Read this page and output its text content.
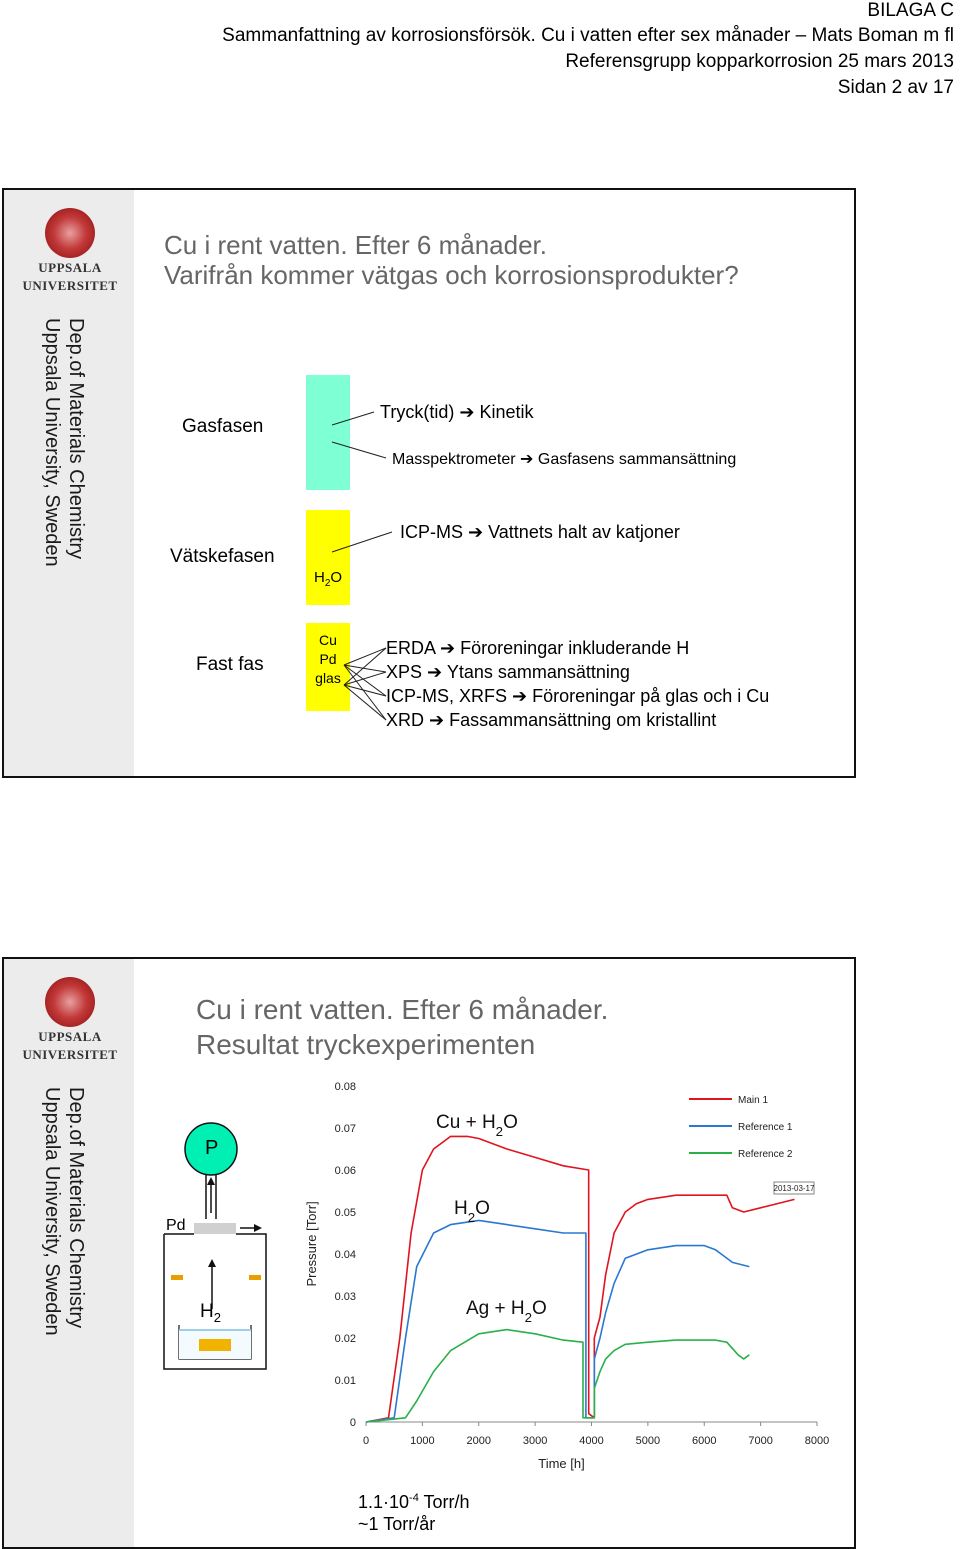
BILAGA C
Sammanfattning av korrosionsförsök. Cu i vatten efter sex månader – Mats Boman m fl
Referensgrupp kopparkorrosion 25 mars 2013
Sidan 2 av 17
UPPSALA
UNIVERSITET
Dep.of Materials Chemistry
Uppsala University, Sweden
Cu i rent vatten. Efter 6 månader.
Varifrån kommer vätgas och korrosionsprodukter?
Gasfasen
Vätskefasen
Fast fas
$H_2O$
Cu
Pd
glas
Tryck(tid) ➔ Kinetik
Masspektrometer ➔ Gasfasens sammansättning
ICP-MS ➔ Vattnets halt av katjoner
ERDA ➔ Föroreningar inkluderande H
XPS ➔ Ytans sammansättning
ICP-MS, XRFS ➔ Föroreningar på glas och i Cu
XRD ➔ Fassammansättning om kristallint
UPPSALA
UNIVERSITET
Dep.of Materials Chemistry
Uppsala University, Sweden
Cu i rent vatten. Efter 6 månader.
Resultat tryckexperimenten
P
Pd
$H_2$
0	1000	2000	3000	4000	5000	6000	7000	8000
0
0.01
0.02
0.03
0.04
0.05
0.06
0.07
0.08
Time [h]
Pressure [Torr]
Main 1
Reference 1
Reference 2
$Cu + H_2O$
$H_2O$
$Ag + H_2O$
2013-03-17
$1.1\cdot 10^{-4}$ Torr/h
~1 Torr/år
